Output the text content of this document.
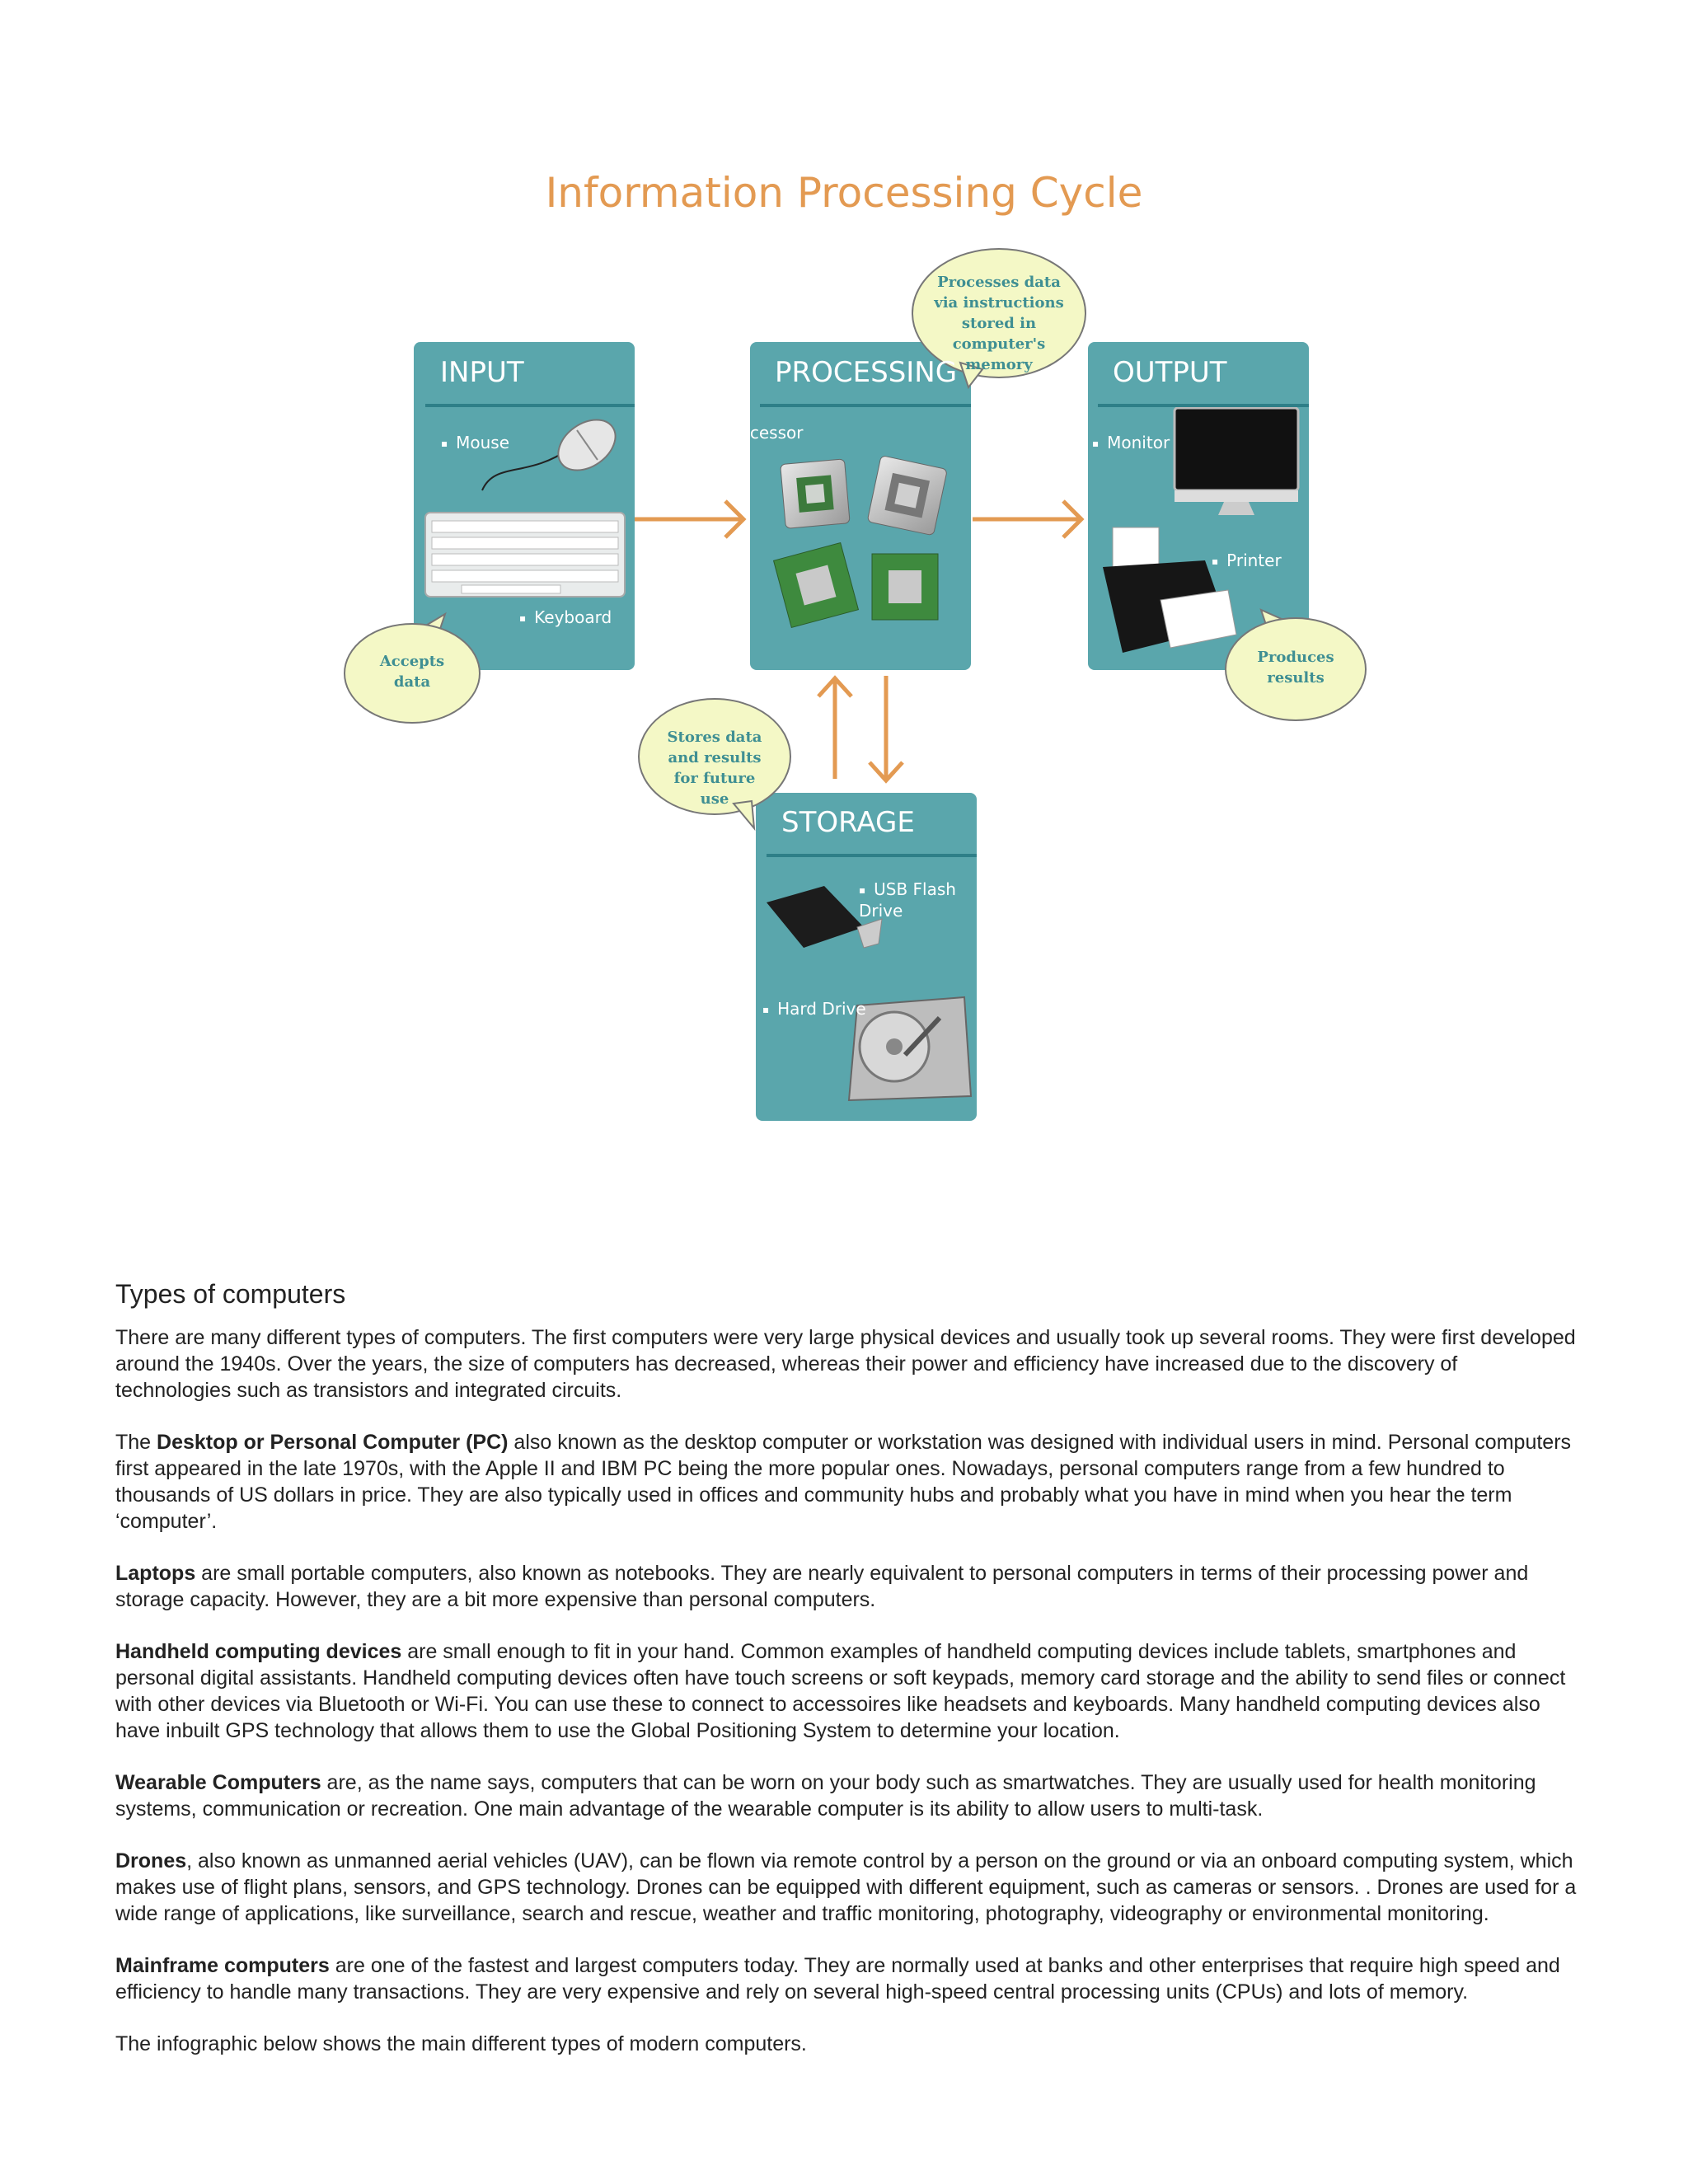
Information Processing Cycle
INPUT	PROCESSING	OUTPUT
STORAGE
▪ Mouse
▪ Keyboard
▪ Processor
▪	Monitor
▪ Printer
▪ USB Flash Drive
▪ Hard Drive
Accepts data
Processes data via instructions stored in computer's memory
Produces results
Stores data and results for future use
Types of computers

There are many different types of computers. The first computers were very large physical devices and usually took up several rooms. They were first developed around the 1940s. Over the years, the size of computers has decreased, whereas their power and efficiency have increased due to the discovery of technologies such as transistors and integrated circuits.

The Desktop or Personal Computer (PC) also known as the desktop computer or workstation was designed with individual users in mind. Personal computers first appeared in the late 1970s, with the Apple II and IBM PC being the more popular ones. Nowadays, personal computers range from a few hundred to thousands of US dollars in price. They are also typically used in offices and community hubs and probably what you have in mind when you hear the term ‘computer’.

Laptops are small portable computers, also known as notebooks. They are nearly equivalent to personal computers in terms of their processing power and storage capacity. However, they are a bit more expensive than personal computers.

Handheld computing devices are small enough to fit in your hand. Common examples of handheld computing devices include tablets, smartphones and personal digital assistants. Handheld computing devices often have touch screens or soft keypads, memory card storage and the ability to send files or connect with other devices via Bluetooth or Wi-Fi. You can use these to connect to accessoires like headsets and keyboards. Many handheld computing devices also have inbuilt GPS technology that allows them to use the Global Positioning System to determine your location.

Wearable Computers are, as the name says, computers that can be worn on your body such as smartwatches. They are usually used for health monitoring systems, communication or recreation. One main advantage of the wearable computer is its ability to allow users to multi-task.

Drones, also known as unmanned aerial vehicles (UAV), can be flown via remote control by a person on the ground or via an onboard computing system, which makes use of flight plans, sensors, and GPS technology. Drones can be equipped with different equipment, such as cameras or sensors. . Drones are used for a wide range of applications, like surveillance, search and rescue, weather and traffic monitoring, photography, videography or environmental monitoring.

Mainframe computers are one of the fastest and largest computers today. They are normally used at banks and other enterprises that require high speed and efficiency to handle many transactions. They are very expensive and rely on several high-speed central processing units (CPUs) and lots of memory.

The infographic below shows the main different types of modern computers.
